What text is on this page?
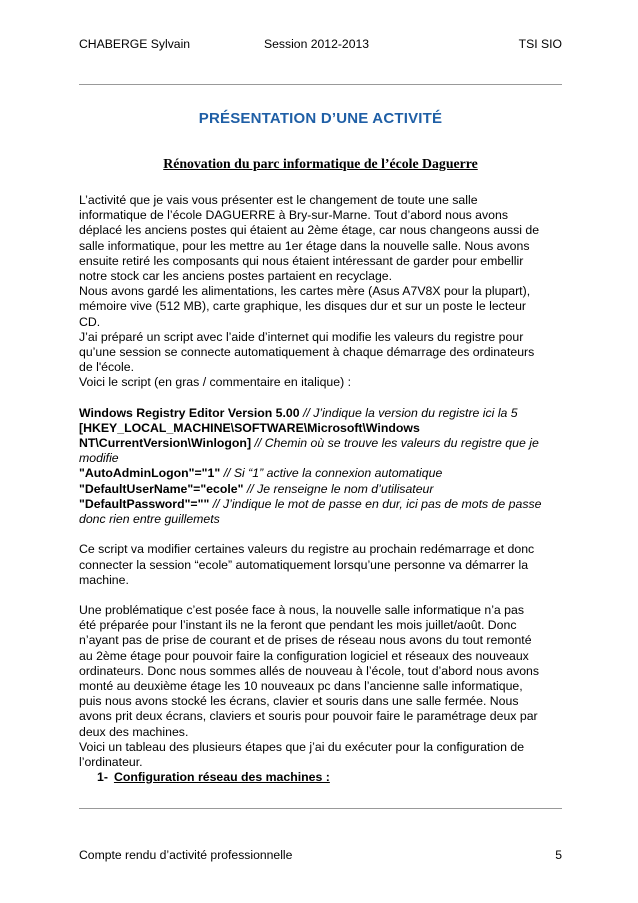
CHABERGE Sylvain	Session 2012-2013	TSI SIO
PRÉSENTATION D’UNE ACTIVITÉ
Rénovation du parc informatique de l’école Daguerre
L’activité que je vais vous présenter est le changement de toute une salle
informatique de l’école DAGUERRE à Bry-sur-Marne. Tout d’abord nous avons
déplacé les anciens postes qui étaient au 2ème étage, car nous changeons aussi de
salle informatique, pour les mettre au 1er étage dans la nouvelle salle. Nous avons
ensuite retiré les composants qui nous étaient intéressant de garder pour embellir
notre stock car les anciens postes partaient en recyclage.
Nous avons gardé les alimentations, les cartes mère (Asus A7V8X pour la plupart),
mémoire vive (512 MB), carte graphique, les disques dur et sur un poste le lecteur
CD.
J’ai préparé un script avec l’aide d’internet qui modifie les valeurs du registre pour
qu’une session se connecte automatiquement à chaque démarrage des ordinateurs
de l'école.
Voici le script (en gras / commentaire en italique) :
Windows Registry Editor Version 5.00 // J’indique la version du registre ici la 5
[HKEY_LOCAL_MACHINE\SOFTWARE\Microsoft\Windows
NT\CurrentVersion\Winlogon] // Chemin où se trouve les valeurs du registre que je
modifie
"AutoAdminLogon"="1" // Si “1” active la connexion automatique
"DefaultUserName"="ecole" // Je renseigne le nom d’utilisateur
"DefaultPassword"="" // J’indique le mot de passe en dur, ici pas de mots de passe
donc rien entre guillemets
Ce script va modifier certaines valeurs du registre au prochain redémarrage et donc
connecter la session “ecole” automatiquement lorsqu’une personne va démarrer la
machine.
Une problématique c’est posée face à nous, la nouvelle salle informatique n’a pas
été préparée pour l’instant ils ne la feront que pendant les mois juillet/août. Donc
n’ayant pas de prise de courant et de prises de réseau nous avons du tout remonté
au 2ème étage pour pouvoir faire la configuration logiciel et réseaux des nouveaux
ordinateurs. Donc nous sommes allés de nouveau à l’école, tout d’abord nous avons
monté au deuxième étage les 10 nouveaux pc dans l’ancienne salle informatique,
puis nous avons stocké les écrans, clavier et souris dans une salle fermée. Nous
avons prit deux écrans, claviers et souris pour pouvoir faire le paramétrage deux par
deux des machines.
Voici un tableau des plusieurs étapes que j’ai du exécuter pour la configuration de
l’ordinateur.
1- Configuration réseau des machines :
Compte rendu d’activité professionnelle	5
